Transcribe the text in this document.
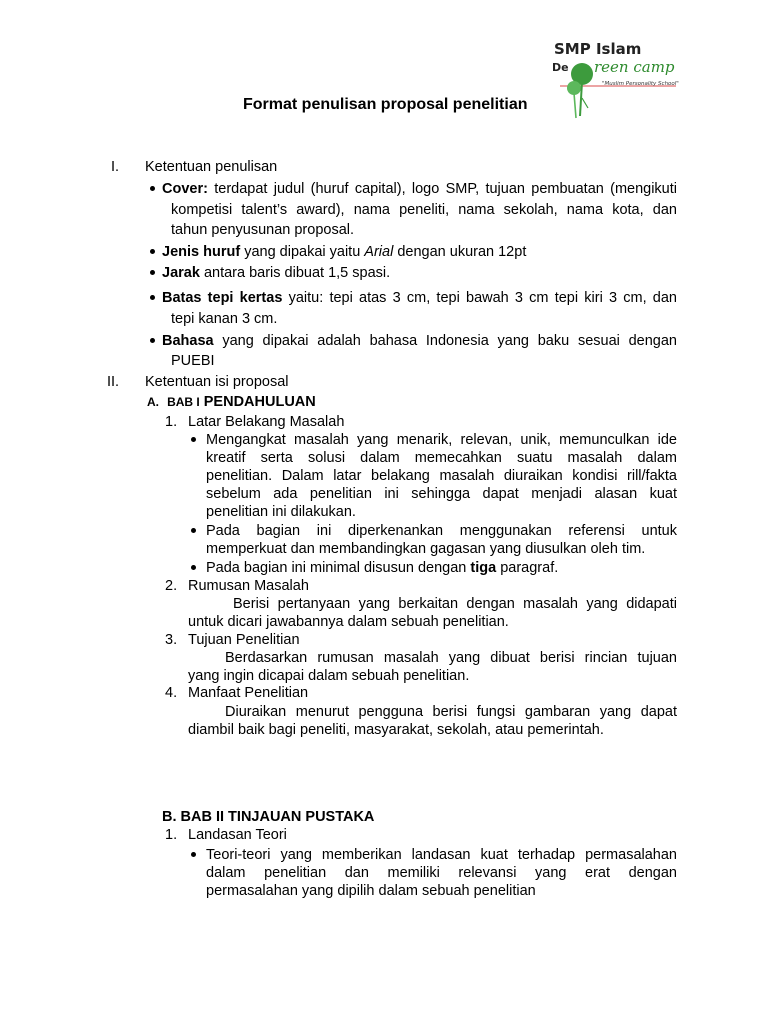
SMP Islam
De reen camp
"Muslim Personality School"
Format penulisan proposal penelitian
I. Ketentuan penulisan
Cover: terdapat judul (huruf capital), logo SMP, tujuan pembuatan (mengikuti
kompetisi talent’s award), nama peneliti, nama sekolah, nama kota, dan
tahun penyusunan proposal.
Jenis huruf yang dipakai yaitu Arial dengan ukuran 12pt
Jarak antara baris dibuat 1,5 spasi.
Batas tepi kertas yaitu: tepi atas 3 cm, tepi bawah 3 cm tepi kiri 3 cm, dan
tepi kanan 3 cm.
Bahasa yang dipakai adalah bahasa Indonesia yang baku sesuai dengan
PUEBI
II. Ketentuan isi proposal
A. BAB I PENDAHULUAN
1. Latar Belakang Masalah
Mengangkat masalah yang menarik, relevan, unik, memunculkan ide
kreatif serta solusi dalam memecahkan suatu masalah dalam
penelitian. Dalam latar belakang masalah diuraikan kondisi rill/fakta
sebelum ada penelitian ini sehingga dapat menjadi alasan kuat
penelitian ini dilakukan.
Pada bagian ini diperkenankan menggunakan referensi untuk
memperkuat dan membandingkan gagasan yang diusulkan oleh tim.
Pada bagian ini minimal disusun dengan tiga paragraf.
2. Rumusan Masalah
Berisi pertanyaan yang berkaitan dengan masalah yang didapati
untuk dicari jawabannya dalam sebuah penelitian.
3. Tujuan Penelitian
Berdasarkan rumusan masalah yang dibuat berisi rincian tujuan
yang ingin dicapai dalam sebuah penelitian.
4. Manfaat Penelitian
Diuraikan menurut pengguna berisi fungsi gambaran yang dapat
diambil baik bagi peneliti, masyarakat, sekolah, atau pemerintah.
B. BAB II TINJAUAN PUSTAKA
1. Landasan Teori
Teori-teori yang memberikan landasan kuat terhadap permasalahan
dalam penelitian dan memiliki relevansi yang erat dengan
permasalahan yang dipilih dalam sebuah penelitian
